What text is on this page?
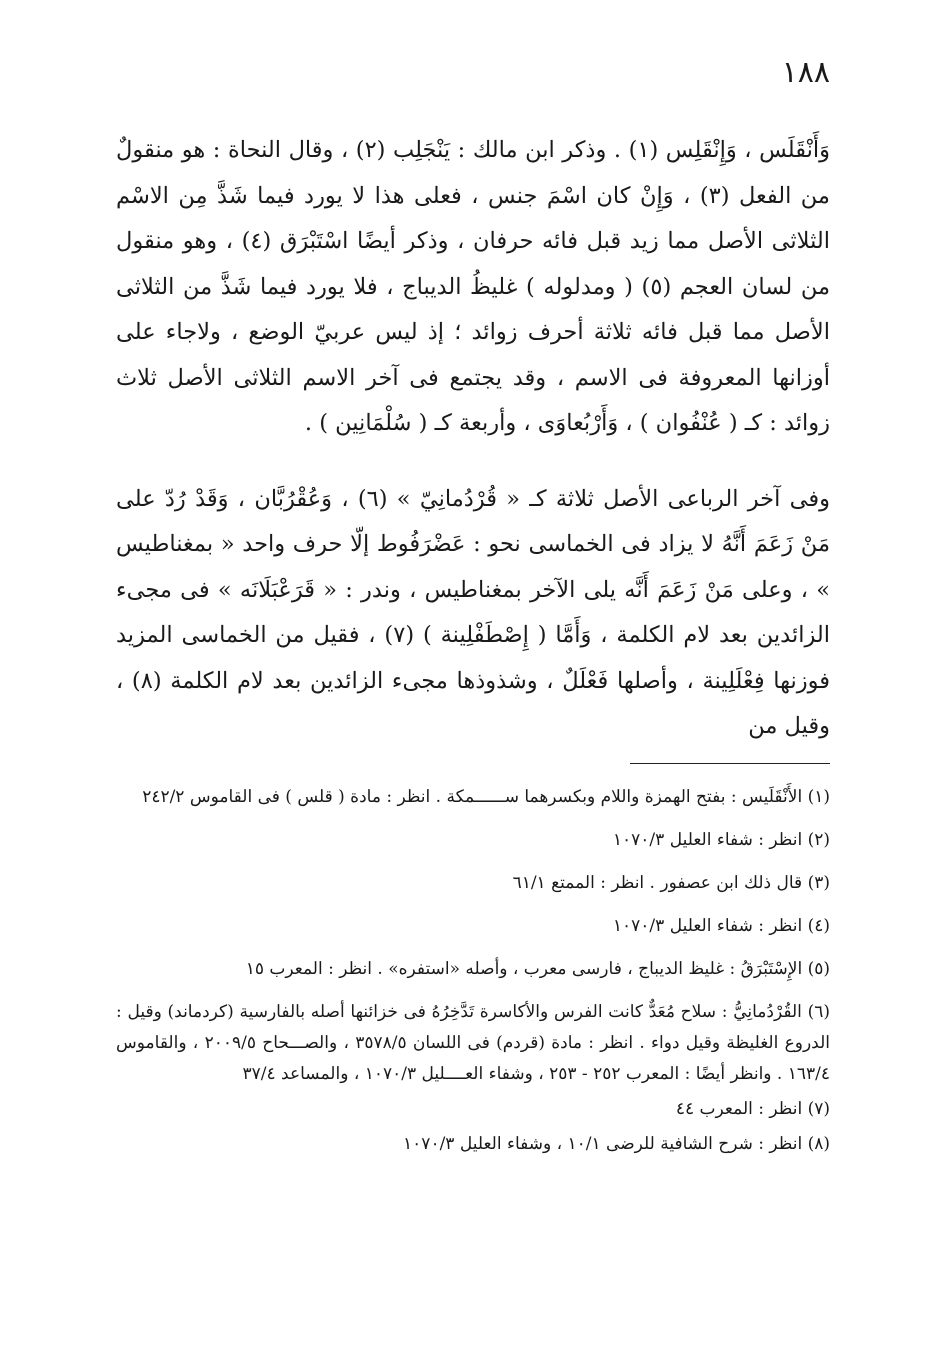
١٨٨

وَأَنْقَلَس ، وَإِنْقَلِس (١) . وذكر ابن مالك : يَنْجَلِب (٢) ، وقال النحاة : هو منقولٌ من الفعل (٣) ، وَإِنْ كان اسْمَ جنس ، فعلى هذا لا يورد فيما شَذَّ مِن الاسْم الثلاثى الأصل مما زيد قبل فائه حرفان ، وذكر أيضًا اسْتَبْرَق (٤) ، وهو منقول من لسان العجم (٥) ( ومدلوله ) غليظُ الديباج ، فلا يورد فيما شَذَّ من الثلاثى الأصل مما قبل فائه ثلاثة أحرف زوائد ؛ إذ ليس عربيّ الوضع ، ولاجاء على أوزانها المعروفة فى الاسم ، وقد يجتمع فى آخر الاسم الثلاثى الأصل ثلاث زوائد : كـ ( عُنْفُوان ) ، وَأَرْبُعاوَى ، وأربعة كـ ( سُلْمَانِين ) .

وفى آخر الرباعى الأصل ثلاثة كـ « قُرْدُمانِيّ » (٦) ، وَعُقْرُبَّان ، وَقَدْ رُدّ على مَنْ زَعَمَ أَنَّهُ لا يزاد فى الخماسى نحو : عَضْرَفُوط إلّا حرف واحد « بمغناطيس » ، وعلى مَنْ زَعَمَ أَنَّه يلى الآخر بمغناطيس ، وندر : « قَرَعْبَلَانَه » فى مجىء الزائدين بعد لام الكلمة ، وَأَمَّا ( إِصْطَفْلِينة ) (٧) ، فقيل من الخماسى المزيد فوزنها فِعْلَلِينة ، وأصلها فَعْلَلٌ ، وشذوذها مجىء الزائدين بعد لام الكلمة (٨) ، وقيل من

(١) الأَنْقَلَيس : بفتح الهمزة واللام وبكسرهما ســــــمكة . انظر : مادة ( قلس ) فى القاموس ٢٤٢/٢

(٢) انظر : شفاء العليل ١٠٧٠/٣

(٣) قال ذلك ابن عصفور . انظر : الممتع ٦١/١

(٤) انظر : شفاء العليل ١٠٧٠/٣

(٥) الإِسْتَبْرَقُ : غليظ الديباج ، فارسى معرب ، وأصله «استفره» . انظر : المعرب ١٥

(٦) القُرْدُمانِيُّ : سلاح مُعَدٌّ كانت الفرس والأكاسرة تَدَّخِرُهُ فى خزائنها أصله بالفارسية (كردماند) وقيل : الدروع الغليظة وقيل دواء . انظر : مادة (قردم) فى اللسان ٣٥٧٨/٥ ، والصـــحاح ٢٠٠٩/٥ ، والقاموس ١٦٣/٤ . وانظر أيضًا : المعرب ٢٥٢ - ٢٥٣ ، وشفاء العــــليل ١٠٧٠/٣ ، والمساعد ٣٧/٤

(٧) انظر : المعرب ٤٤

(٨) انظر : شرح الشافية للرضى ١٠/١ ، وشفاء العليل ١٠٧٠/٣
